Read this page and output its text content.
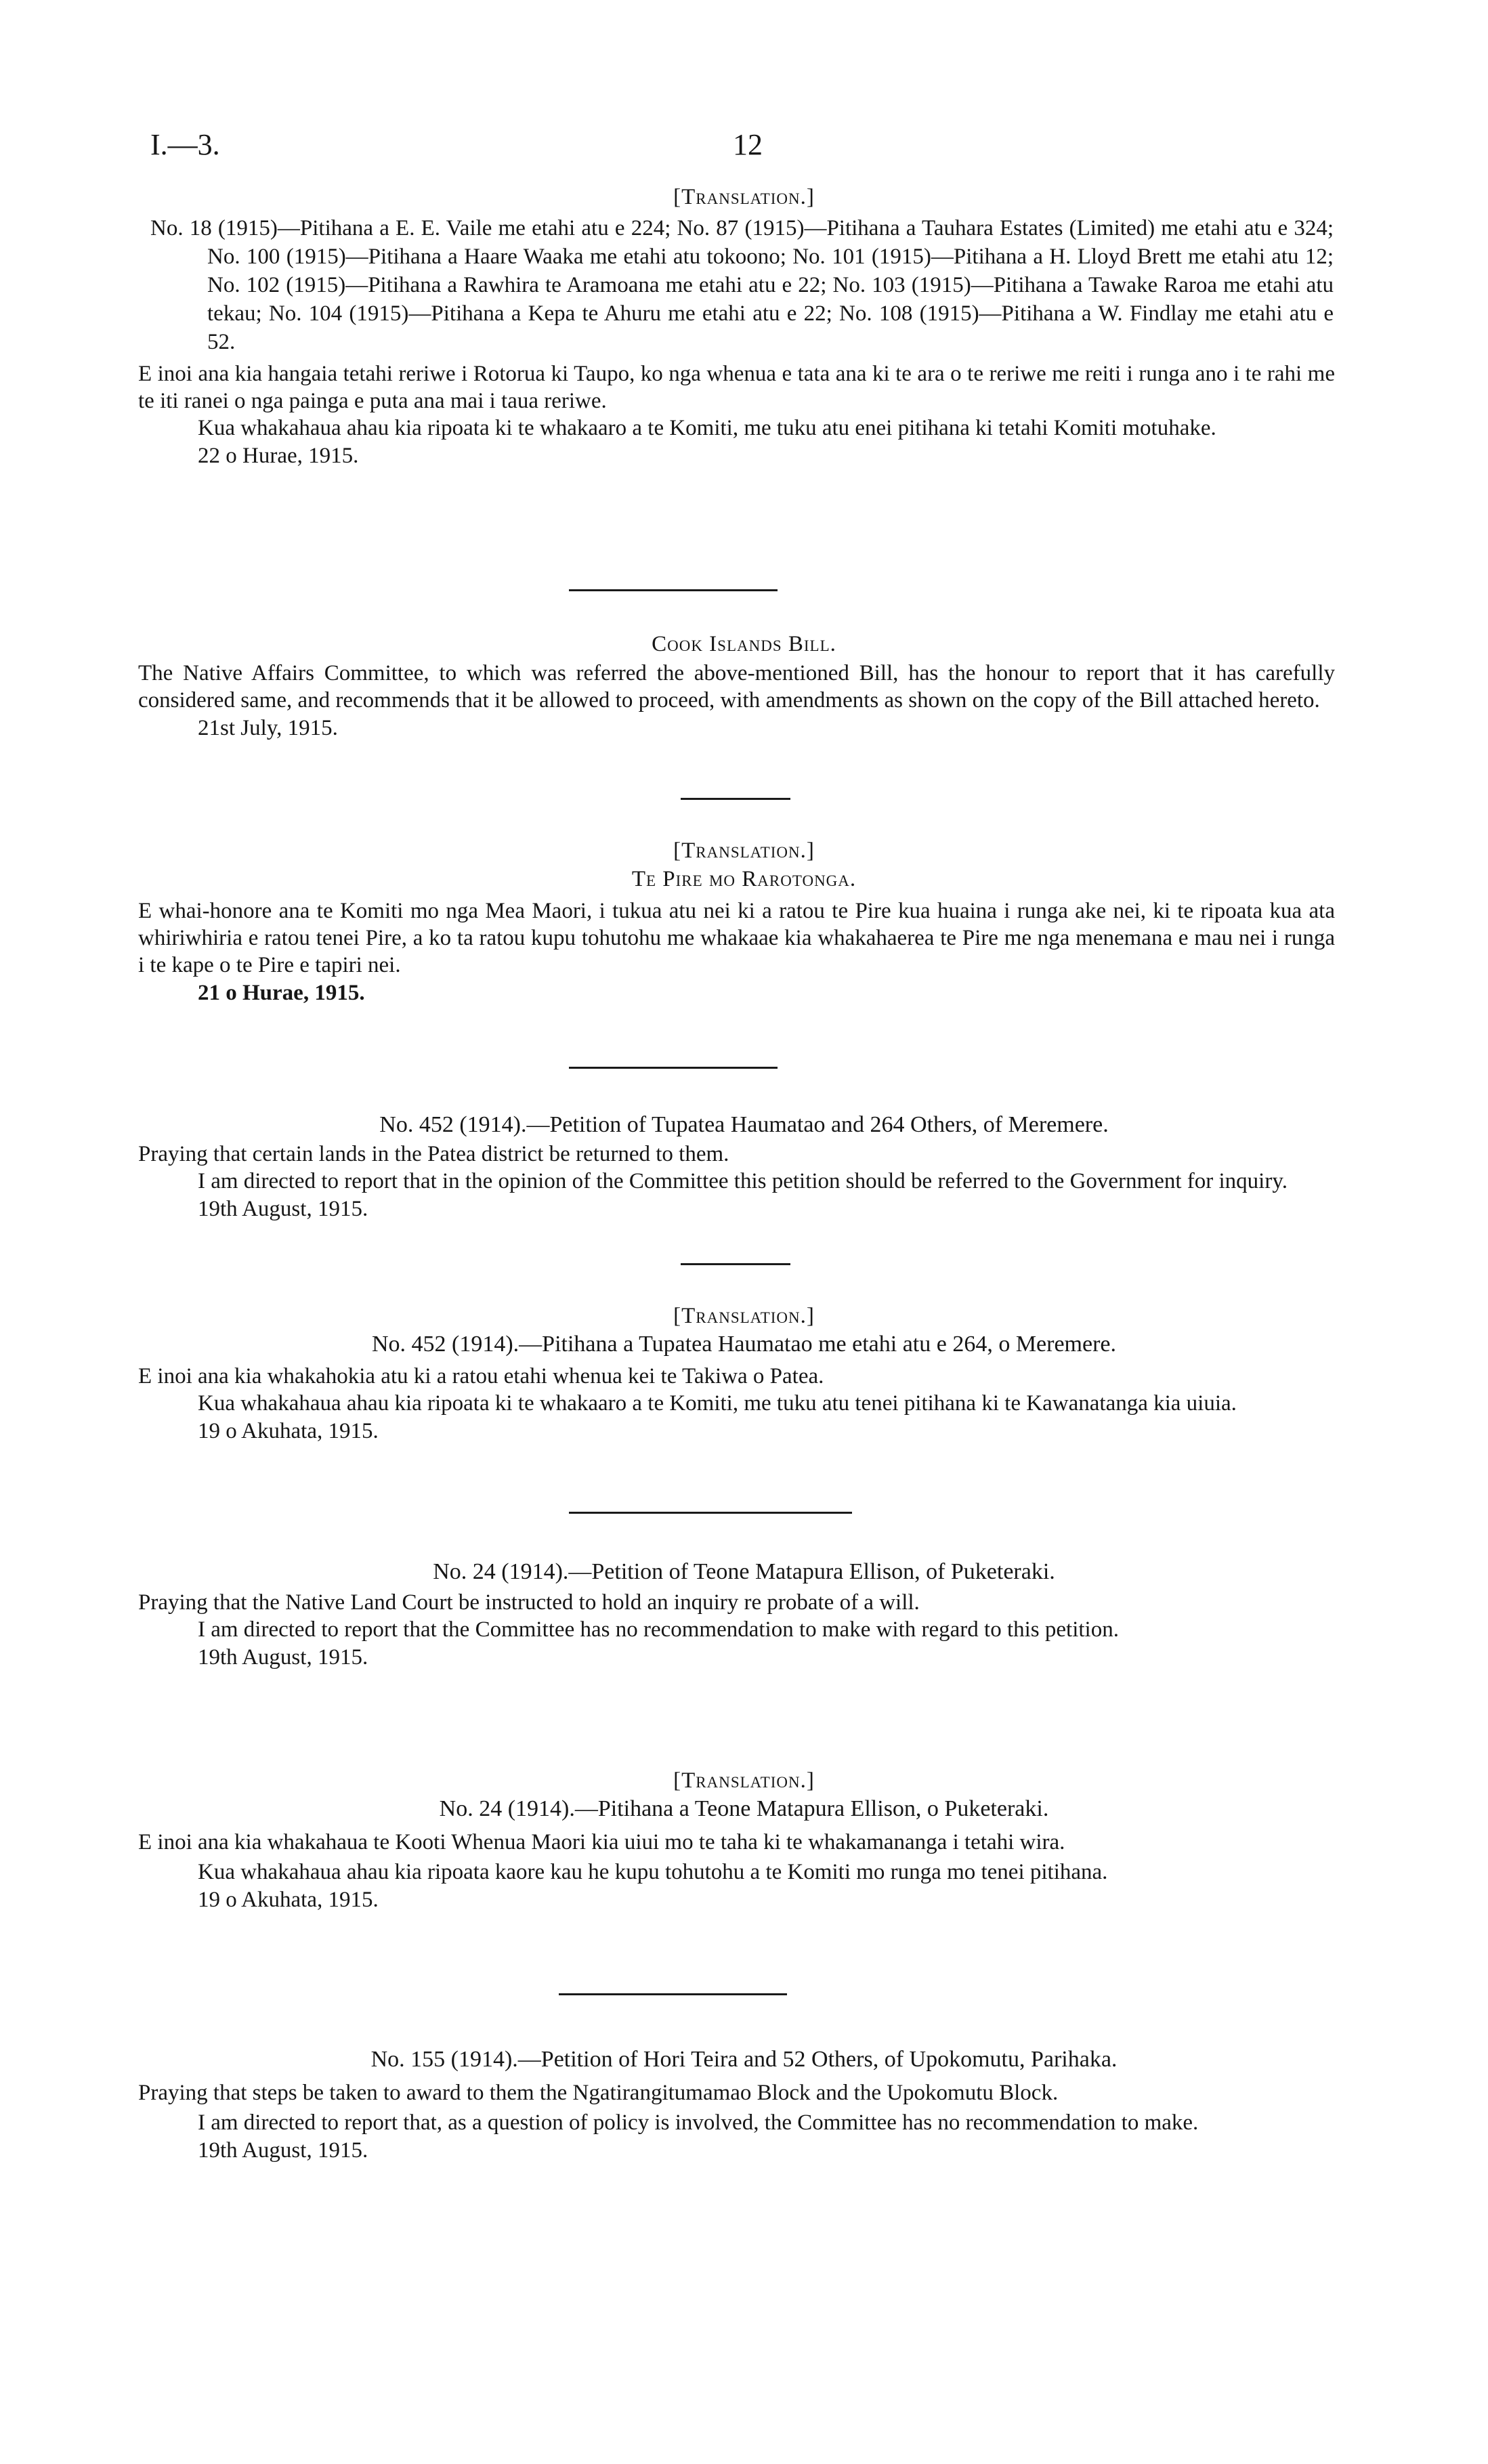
I.—3.	12
[Translation.]
No. 18 (1915)—Pitihana a E. E. Vaile me etahi atu e 224; No. 87 (1915)—Pitihana a Tauhara Estates (Limited) me etahi atu e 324; No. 100 (1915)—Pitihana a Haare Waaka me etahi atu tokoono; No. 101 (1915)—Pitihana a H. Lloyd Brett me etahi atu 12; No. 102 (1915)—Pitihana a Rawhira te Aramoana me etahi atu e 22; No. 103 (1915)—Pitihana a Tawake Raroa me etahi atu tekau; No. 104 (1915)—Pitihana a Kepa te Ahuru me etahi atu e 22; No. 108 (1915)—Pitihana a W. Findlay me etahi atu e 52.
E inoi ana kia hangaia tetahi reriwe i Rotorua ki Taupo, ko nga whenua e tata ana ki te ara o te reriwe me reiti i runga ano i te rahi me te iti ranei o nga painga e puta ana mai i taua reriwe.
Kua whakahaua ahau kia ripoata ki te whakaaro a te Komiti, me tuku atu enei pitihana ki tetahi Komiti motuhake.
22 o Hurae, 1915.
Cook Islands Bill.
The Native Affairs Committee, to which was referred the above-mentioned Bill, has the honour to report that it has carefully considered same, and recommends that it be allowed to proceed, with amendments as shown on the copy of the Bill attached hereto.
21st July, 1915.
[Translation.]
Te Pire mo Rarotonga.
E whai-honore ana te Komiti mo nga Mea Maori, i tukua atu nei ki a ratou te Pire kua huaina i runga ake nei, ki te ripoata kua ata whiriwhiria e ratou tenei Pire, a ko ta ratou kupu tohutohu me whakaae kia whakahaerea te Pire me nga menemana e mau nei i runga i te kape o te Pire e tapiri nei.
21 o Hurae, 1915.
No. 452 (1914).—Petition of Tupatea Haumatao and 264 Others, of Meremere.
Praying that certain lands in the Patea district be returned to them.
I am directed to report that in the opinion of the Committee this petition should be referred to the Government for inquiry.
19th August, 1915.
[Translation.]
No. 452 (1914).—Pitihana a Tupatea Haumatao me etahi atu e 264, o Meremere.
E inoi ana kia whakahokia atu ki a ratou etahi whenua kei te Takiwa o Patea.
Kua whakahaua ahau kia ripoata ki te whakaaro a te Komiti, me tuku atu tenei pitihana ki te Kawanatanga kia uiuia.
19 o Akuhata, 1915.
No. 24 (1914).—Petition of Teone Matapura Ellison, of Puketeraki.
Praying that the Native Land Court be instructed to hold an inquiry re probate of a will.
I am directed to report that the Committee has no recommendation to make with regard to this petition.
19th August, 1915.
[Translation.]
No. 24 (1914).—Pitihana a Teone Matapura Ellison, o Puketeraki.
E inoi ana kia whakahaua te Kooti Whenua Maori kia uiui mo te taha ki te whakamananga i tetahi wira.
Kua whakahaua ahau kia ripoata kaore kau he kupu tohutohu a te Komiti mo runga mo tenei pitihana.
19 o Akuhata, 1915.
No. 155 (1914).—Petition of Hori Teira and 52 Others, of Upokomutu, Parihaka.
Praying that steps be taken to award to them the Ngatirangitumamao Block and the Upokomutu Block.
I am directed to report that, as a question of policy is involved, the Committee has no recommendation to make.
19th August, 1915.
